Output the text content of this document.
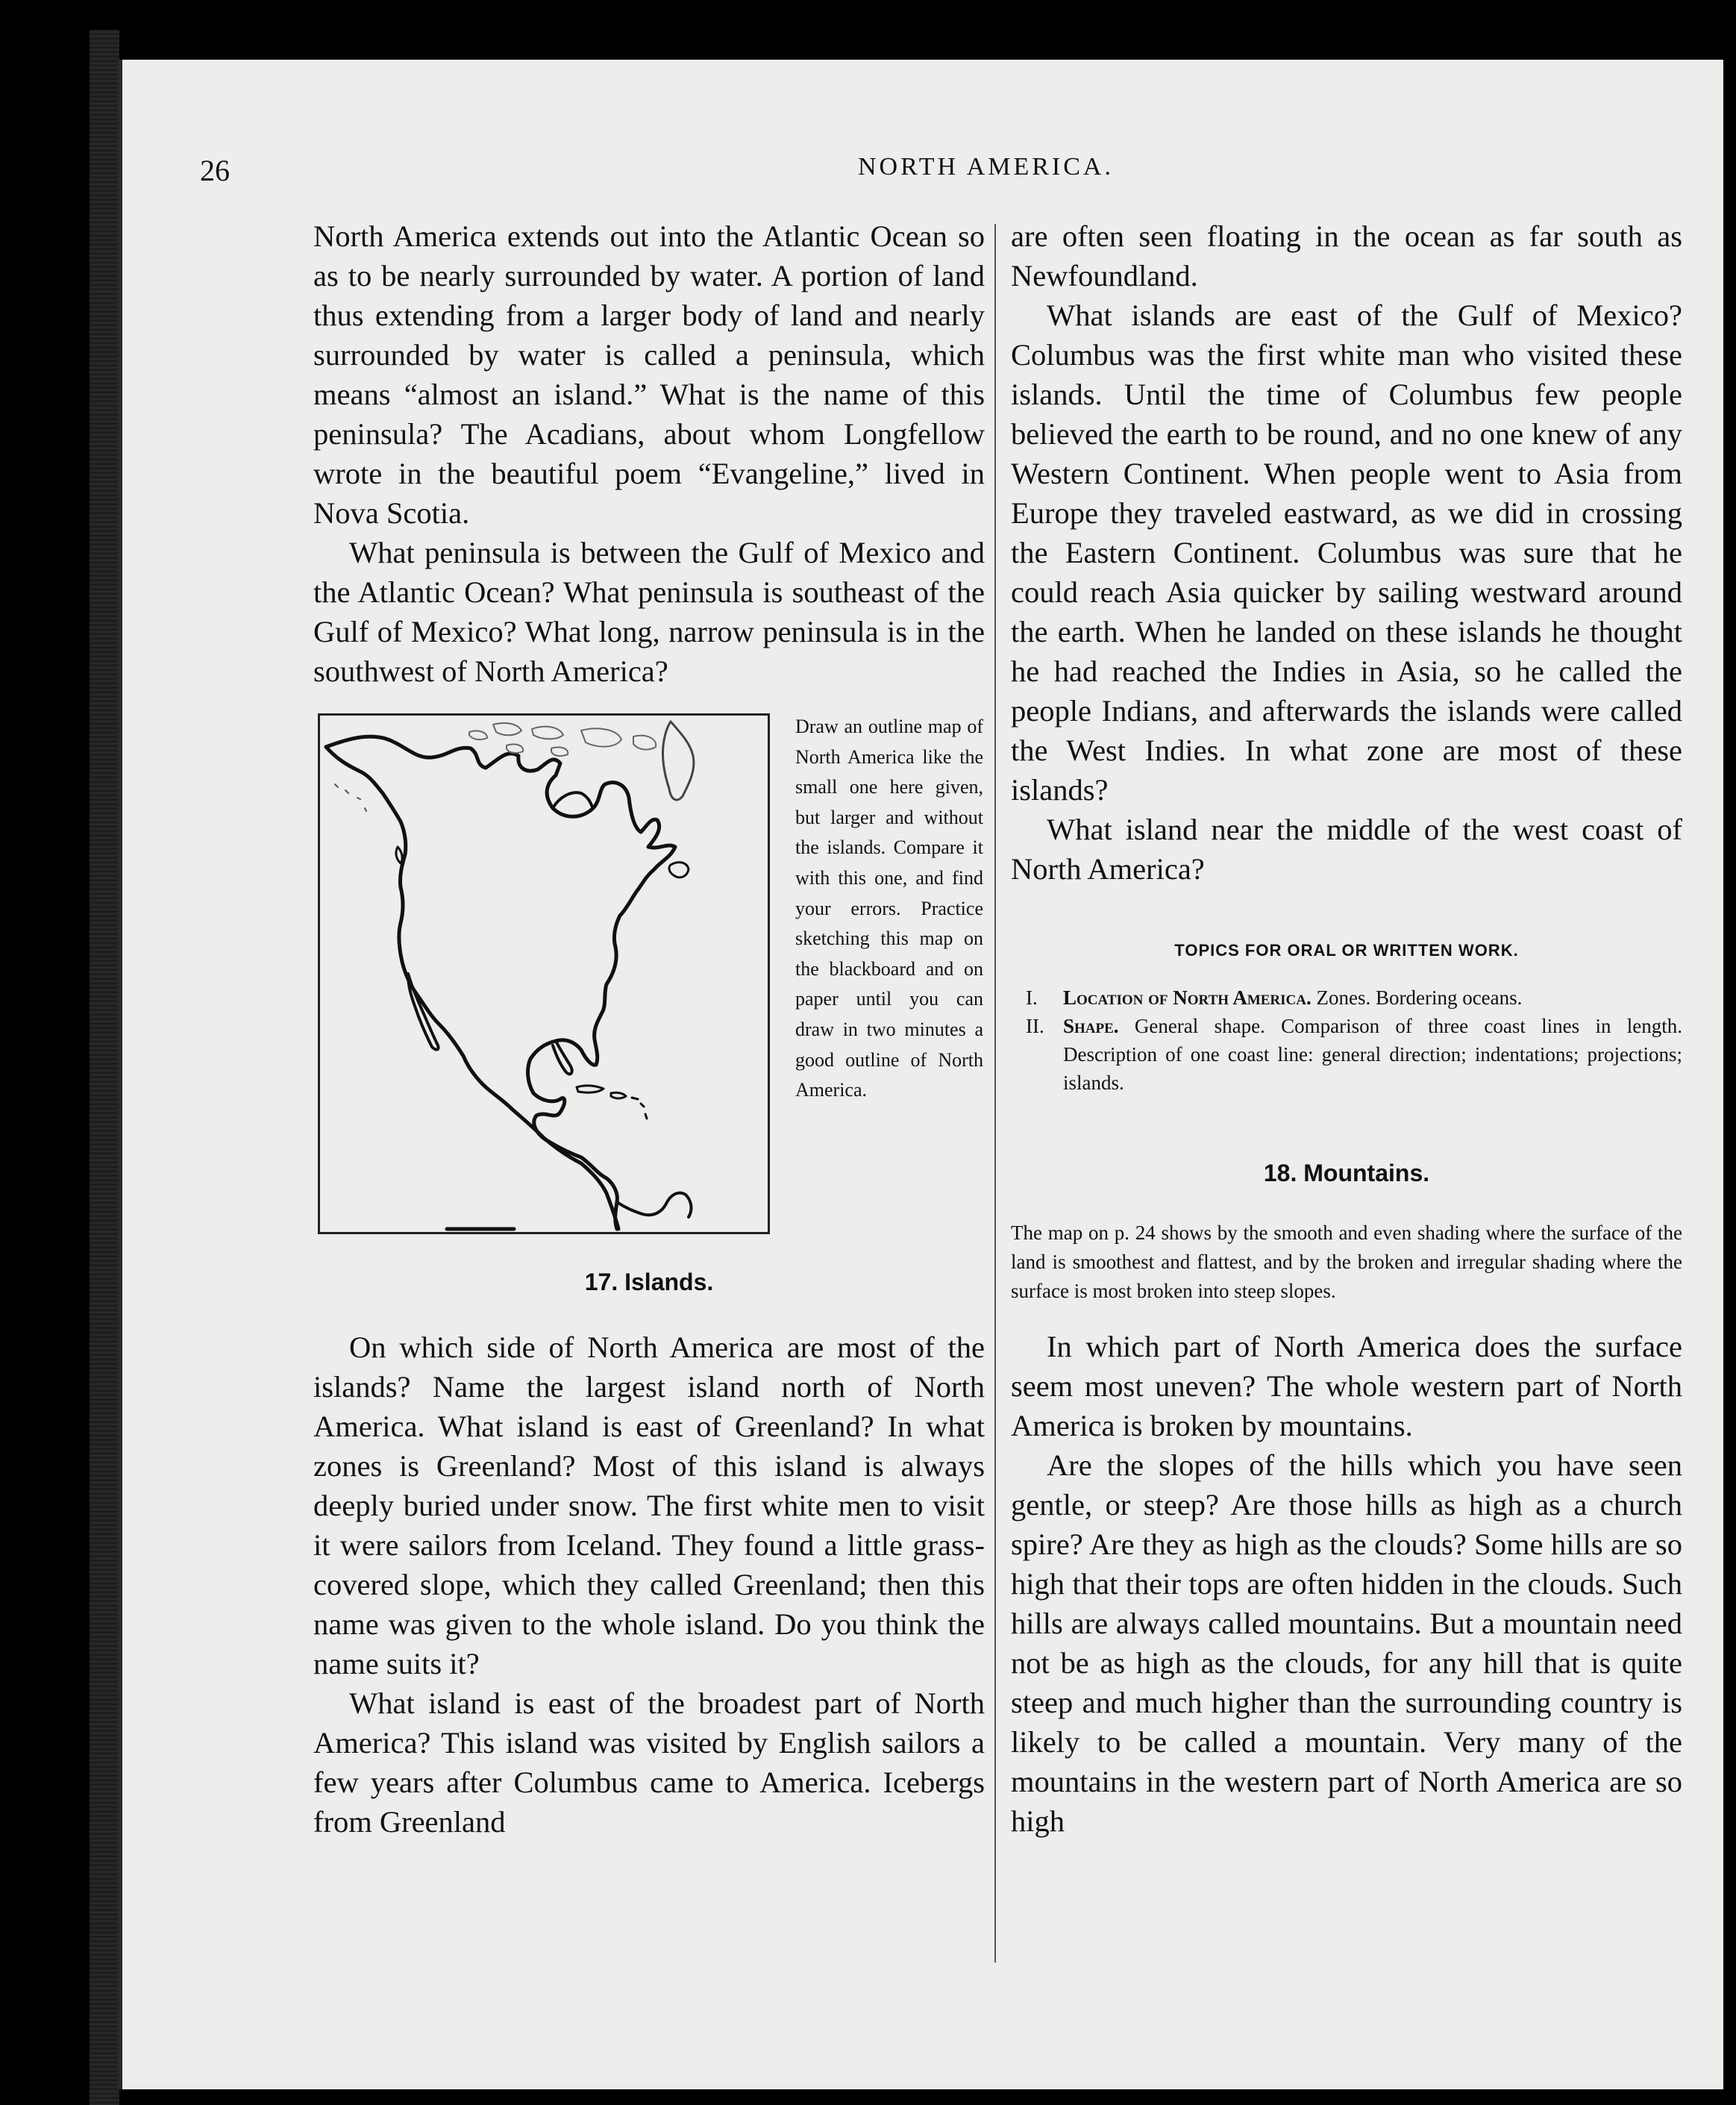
26	NORTH AMERICA.

North America extends out into the Atlantic Ocean so as to be nearly surrounded by water. A portion of land thus extending from a larger body of land and nearly surrounded by water is called a peninsula, which means “almost an island.” What is the name of this peninsula? The Acadians, about whom Longfellow wrote in the beautiful poem “Evangeline,” lived in Nova Scotia.

What peninsula is between the Gulf of Mexico and the Atlantic Ocean? What peninsula is southeast of the Gulf of Mexico? What long, narrow peninsula is in the southwest of North America?

Draw an outline map of North America like the small one here given, but larger and without the islands. Compare it with this one, and find your errors. Practice sketching this map on the blackboard and on paper until you can draw in two minutes a good outline of North America.
17. Islands.

On which side of North America are most of the islands? Name the largest island north of North America. What island is east of Greenland? In what zones is Greenland? Most of this island is always deeply buried under snow. The first white men to visit it were sailors from Iceland. They found a little grass-covered slope, which they called Greenland; then this name was given to the whole island. Do you think the name suits it?

What island is east of the broadest part of North America? This island was visited by English sailors a few years after Columbus came to America. Icebergs from Greenland

are often seen floating in the ocean as far south as Newfoundland.

What islands are east of the Gulf of Mexico? Columbus was the first white man who visited these islands. Until the time of Columbus few people believed the earth to be round, and no one knew of any Western Continent. When people went to Asia from Europe they traveled eastward, as we did in crossing the Eastern Continent. Columbus was sure that he could reach Asia quicker by sailing westward around the earth. When he landed on these islands he thought he had reached the Indies in Asia, so he called the people Indians, and afterwards the islands were called the West Indies. In what zone are most of these islands?

What island near the middle of the west coast of North America?

TOPICS FOR ORAL OR WRITTEN WORK.
I. Location of North America. Zones. Bordering oceans.
II. Shape. General shape. Comparison of three coast lines in length. Description of one coast line: general direction; indentations; projections; islands.
18. Mountains.
The map on p. 24 shows by the smooth and even shading where the surface of the land is smoothest and flattest, and by the broken and irregular shading where the surface is most broken into steep slopes.

In which part of North America does the surface seem most uneven? The whole western part of North America is broken by mountains.

Are the slopes of the hills which you have seen gentle, or steep? Are those hills as high as a church spire? Are they as high as the clouds? Some hills are so high that their tops are often hidden in the clouds. Such hills are always called mountains. But a mountain need not be as high as the clouds, for any hill that is quite steep and much higher than the surrounding country is likely to be called a mountain. Very many of the mountains in the western part of North America are so high
